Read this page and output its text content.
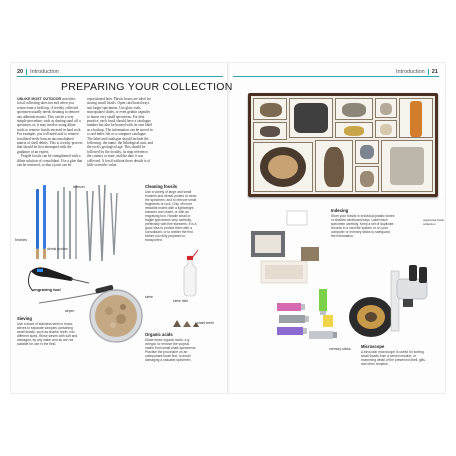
20 Introduction	Introduction 21
PREPARING YOUR COLLECTION
UNLIKE MOST OUTDOOR activities, fossil collecting does not end when you return from a field trip. A freshly collected specimen usually needs cleaning to remove any adherent matrix. This can be a very simple procedure, such as dusting sand off a specimen, or, it may involve using dilute acids to remove fossils encased in hard rock. For example, you will need acid to remove fossilized teeth from an unconsolidated matrix of shell debris. This is a tricky process that should be first attempted with the guidance of an expert.
Fragile fossils can be strengthened with a dilute solution of consolidant. Use a glue that can be removed, so that a joint can be
repositioned later. Plastic boxes are ideal for storing small fossils. Open card board trays suit larger specimens. Use glass vials, micropalaeo slides, or even gelatin capsules to house very small specimens. For best practice, each fossil should have a catalogue number but also be housed with its own label as a backup. The information can be stored in a card index file or a computer catalogue. The label and catalogue should include the following: the name, the lithological unit, and the rock's geological age. This should be followed by the locality, its map reference, the country or state, and the date it was collected. A fossil without these details is of little scientific value.
tweezer
brushes
dental probes
engraving tool
airpen
Cleaning fossils
Use a variety of large and small brushes and dental probes to clean the specimen, and to remove small fragments of rock. Chip off more resistant matrix with a lightweight hammer and chisel, or with an engraving tool. Handle small or fragile specimens very carefully, preferably with fine tweezers. It is a good idea to protect them with a consolidant, or to shelter the find before you fully prepared or transported.
sieve
sieve dish
shark teeth
Sieving
Use a stack of stainless steel or brass sieves to separate samples containing small fossils, such as sharks' teeth, into different sizes. Rinse sieves with soft and damaged, by any water and as are not suitable for use in the field.
Organic acids
Dilute these organic acids, e.g. vinegar, to remove the surplus matrix from small chalk specimens. Practise the procedure on an unimportant fossil first, to avoid damaging a valuable specimen.
organized fossil collection
Indexing
Store your fossils in individual plastic boxes or shallow cardboard trays. Label each specimen carefully. Keep a set of duplicate records in a card file system or on your computer or memory sticks to safeguard the information.
memory sticks Microscope
A binocular microscope is useful for sorting small fossils from a sieved residue, or examining detail of the preserved shell, gills, and other remains.
